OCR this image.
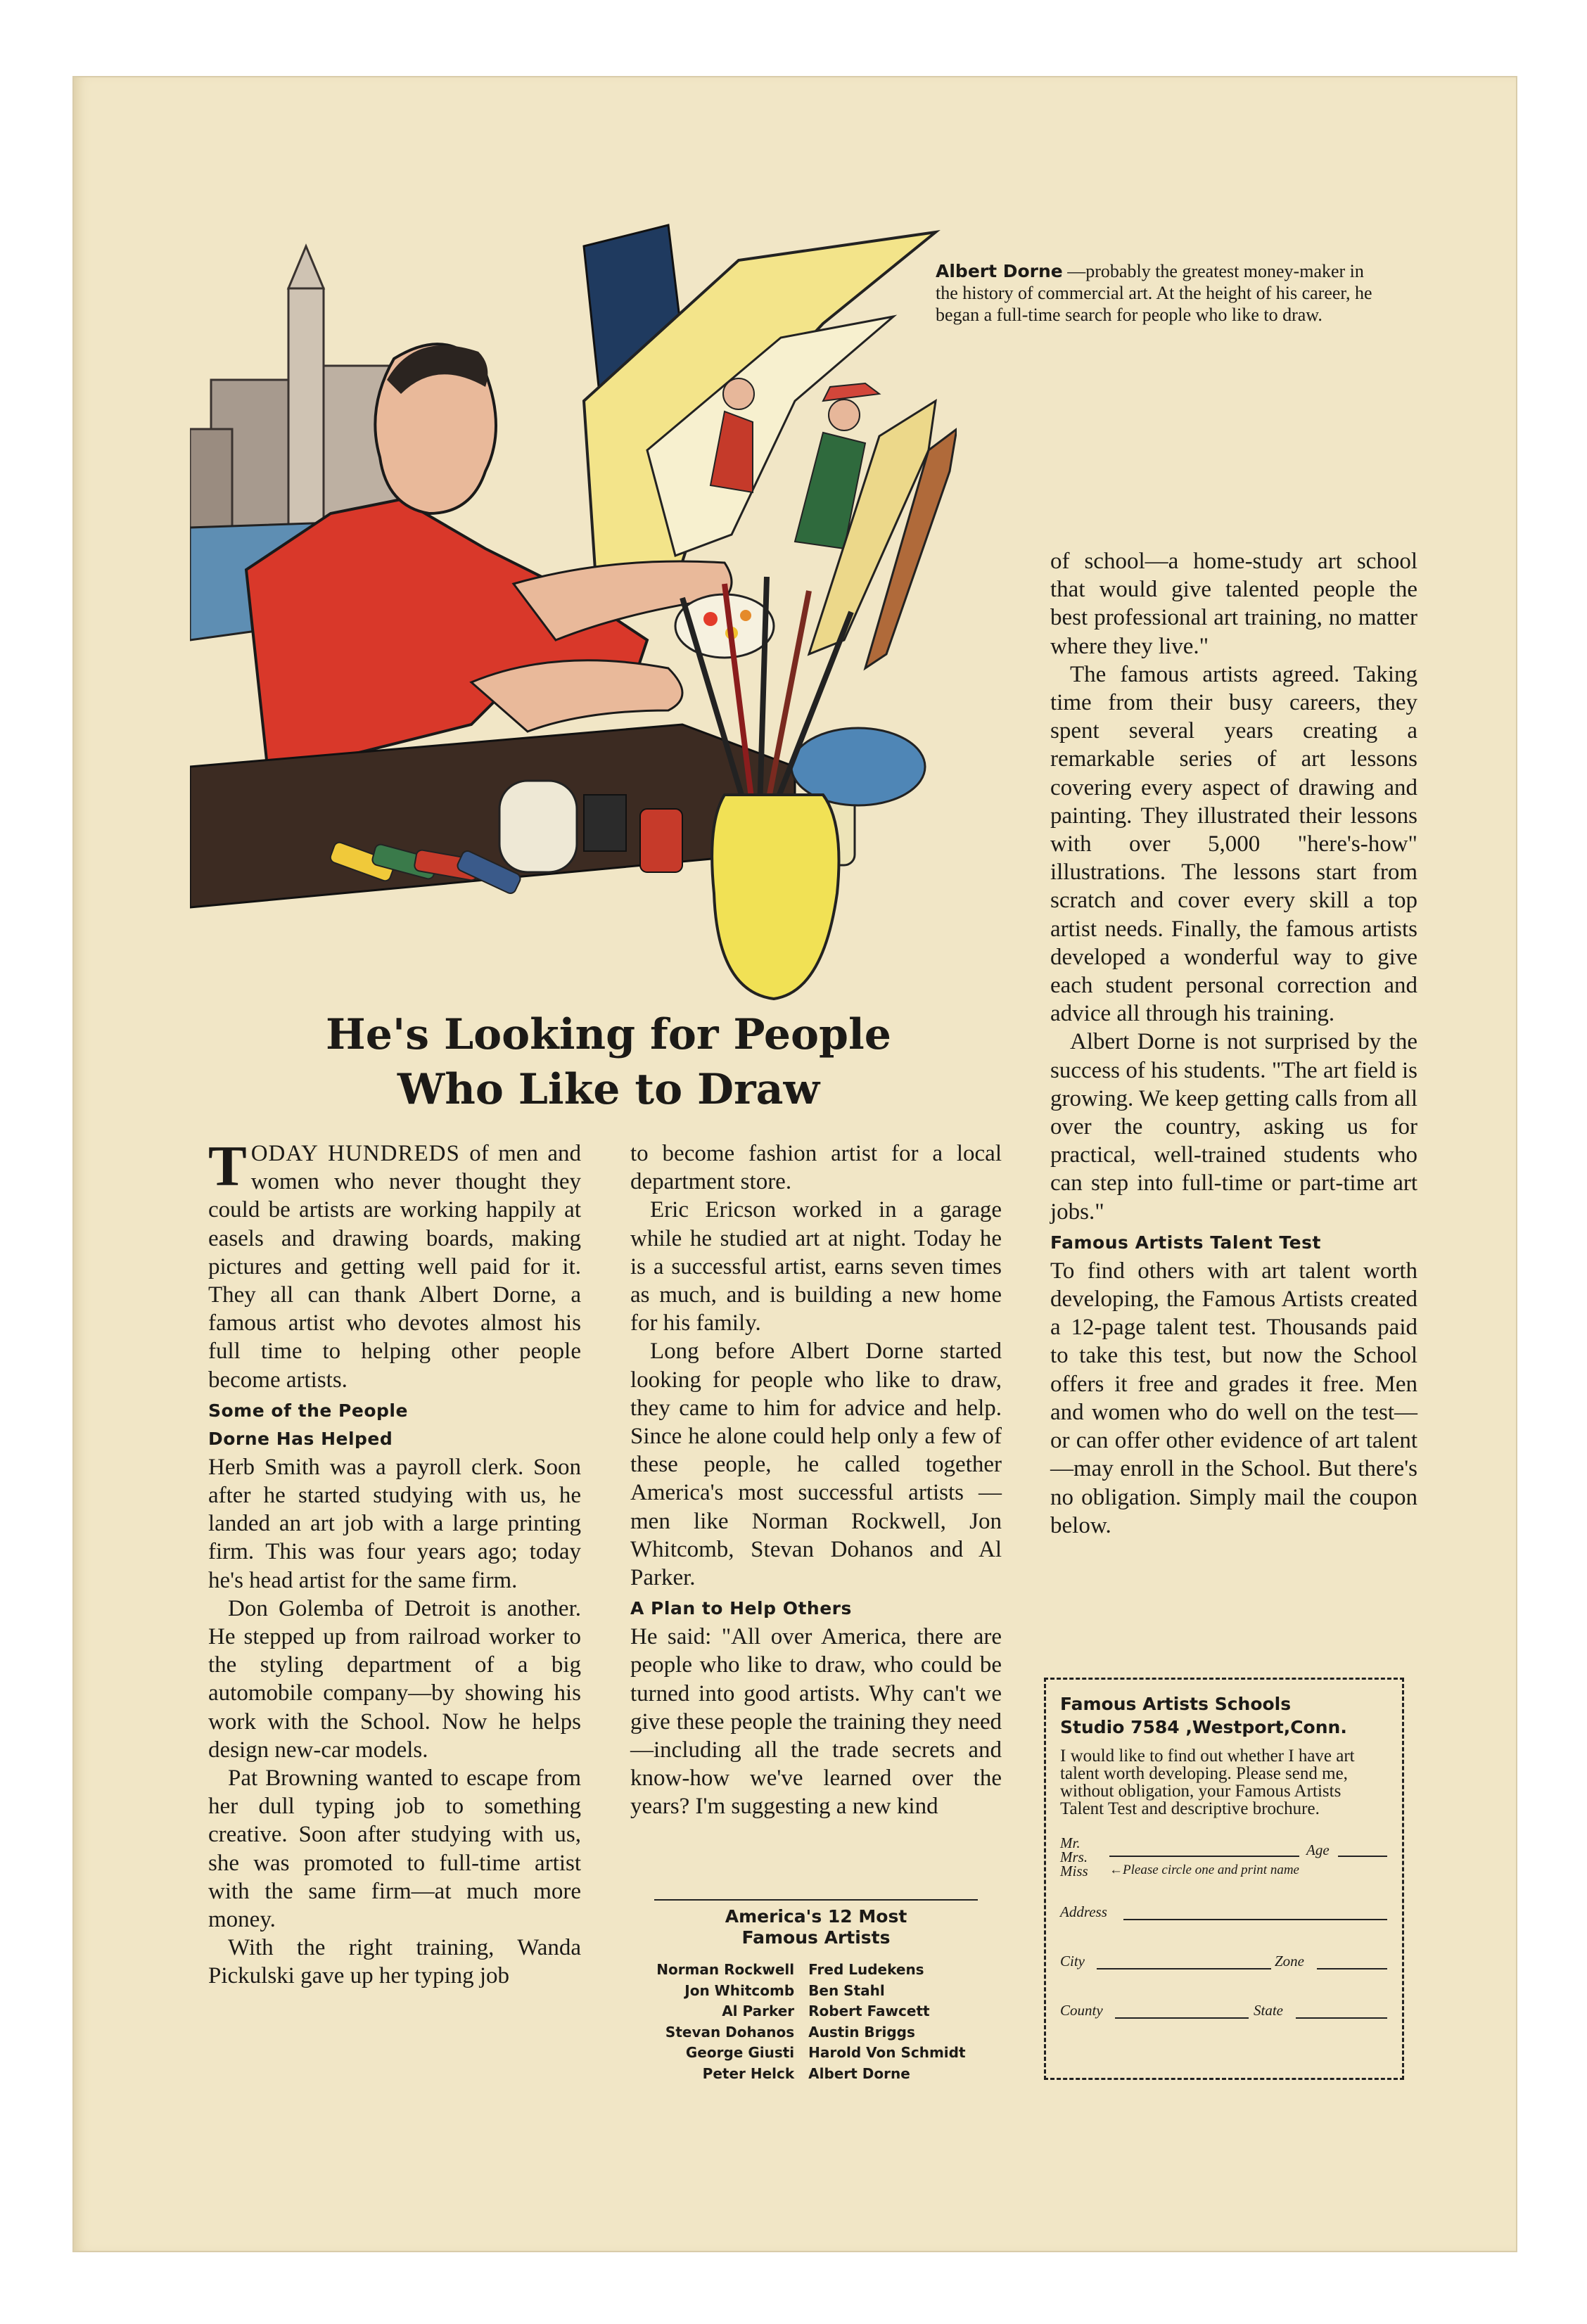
Albert Dorne —probably the greatest money-maker in the history of commercial art. At the height of his career, he began a full-time search for people who like to draw.
He's Looking for People
Who Like to Draw

TODAY HUNDREDS of men and women who never thought they could be artists are working happily at easels and drawing boards, making pictures and getting well paid for it. They all can thank Albert Dorne, a famous artist who devotes almost his full time to helping other people become artists.

Some of the People
Dorne Has Helped

Herb Smith was a payroll clerk. Soon after he started studying with us, he landed an art job with a large printing firm. This was four years ago; today he's head artist for the same firm.

Don Golemba of Detroit is another. He stepped up from railroad worker to the styling department of a big automobile company—by showing his work with the School. Now he helps design new-car models.

Pat Browning wanted to escape from her dull typing job to something creative. Soon after studying with us, she was promoted to full-time artist with the same firm—at much more money.

With the right training, Wanda Pickulski gave up her typing job

to become fashion artist for a local department store.

Eric Ericson worked in a garage while he studied art at night. Today he is a successful artist, earns seven times as much, and is building a new home for his family.

Long before Albert Dorne started looking for people who like to draw, they came to him for advice and help. Since he alone could help only a few of these people, he called together America's most successful artists —men like Norman Rockwell, Jon Whitcomb, Stevan Dohanos and Al Parker.

A Plan to Help Others

He said: "All over America, there are people who like to draw, who could be turned into good artists. Why can't we give these people the training they need—including all the trade secrets and know-how we've learned over the years? I'm suggesting a new kind

America's 12 Most
Famous Artists
Norman Rockwell
Jon Whitcomb
Al Parker
Stevan Dohanos
George Giusti
Peter Helck
Fred Ludekens
Ben Stahl
Robert Fawcett
Austin Briggs
Harold Von Schmidt
Albert Dorne

of school—a home-study art school that would give talented people the best professional art training, no matter where they live."

The famous artists agreed. Taking time from their busy careers, they spent several years creating a remarkable series of art lessons covering every aspect of drawing and painting. They illustrated their lessons with over 5,000 "here's-how" illustrations. The lessons start from scratch and cover every skill a top artist needs. Finally, the famous artists developed a wonderful way to give each student personal correction and advice all through his training.

Albert Dorne is not surprised by the success of his students. "The art field is growing. We keep getting calls from all over the country, asking us for practical, well-trained students who can step into full-time or part-time art jobs."

Famous Artists Talent Test

To find others with art talent worth developing, the Famous Artists created a 12-page talent test. Thousands paid to take this test, but now the School offers it free and grades it free. Men and women who do well on the test—or can offer other evidence of art talent—may enroll in the School. But there's no obligation. Simply mail the coupon below.

Famous Artists Schools
Studio 7584 ,Westport,Conn.
I would like to find out whether I have art talent worth developing. Please send me, without obligation, your Famous Artists Talent Test and descriptive brochure.
Mr.
Mrs.
Miss
Age
←Please circle one and print name
Address
City	Zone
County	State
